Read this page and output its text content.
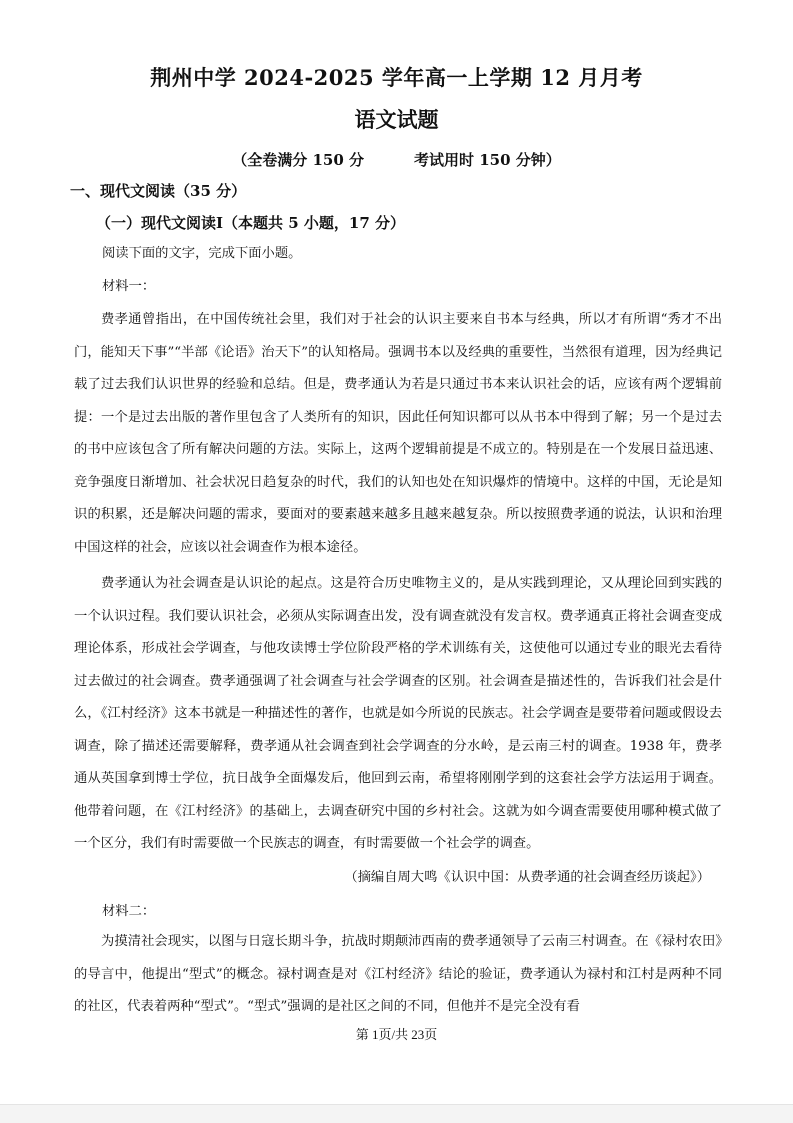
荆州中学 2024-2025 学年高一上学期 12 月月考
语文试题
（全卷满分 150 分	考试用时 150 分钟）
一、现代文阅读（35 分）
（一）现代文阅读Ⅰ（本题共 5 小题，17 分）
阅读下面的文字，完成下面小题。
材料一：

费孝通曾指出，在中国传统社会里，我们对于社会的认识主要来自书本与经典，所以才有所谓“秀才不出门，能知天下事”“半部《论语》治天下”的认知格局。强调书本以及经典的重要性，当然很有道理，因为经典记载了过去我们认识世界的经验和总结。但是，费孝通认为若是只通过书本来认识社会的话，应该有两个逻辑前提：一个是过去出版的著作里包含了人类所有的知识，因此任何知识都可以从书本中得到了解；另一个是过去的书中应该包含了所有解决问题的方法。实际上，这两个逻辑前提是不成立的。特别是在一个发展日益迅速、竞争强度日渐增加、社会状况日趋复杂的时代，我们的认知也处在知识爆炸的情境中。这样的中国，无论是知识的积累，还是解决问题的需求，要面对的要素越来越多且越来越复杂。所以按照费孝通的说法，认识和治理中国这样的社会，应该以社会调查作为根本途径。

费孝通认为社会调查是认识论的起点。这是符合历史唯物主义的，是从实践到理论，又从理论回到实践的一个认识过程。我们要认识社会，必须从实际调查出发，没有调查就没有发言权。费孝通真正将社会调查变成理论体系，形成社会学调查，与他攻读博士学位阶段严格的学术训练有关，这使他可以通过专业的眼光去看待过去做过的社会调查。费孝通强调了社会调查与社会学调查的区别。社会调查是描述性的，告诉我们社会是什么，《江村经济》这本书就是一种描述性的著作，也就是如今所说的民族志。社会学调查是要带着问题或假设去调查，除了描述还需要解释，费孝通从社会调查到社会学调查的分水岭，是云南三村的调查。1938 年，费孝通从英国拿到博士学位，抗日战争全面爆发后，他回到云南，希望将刚刚学到的这套社会学方法运用于调查。他带着问题，在《江村经济》的基础上，去调查研究中国的乡村社会。这就为如今调查需要使用哪种模式做了一个区分，我们有时需要做一个民族志的调查，有时需要做一个社会学的调查。

（摘编自周大鸣《认识中国：从费孝通的社会调查经历谈起》）
材料二：

为摸清社会现实，以图与日寇长期斗争，抗战时期颠沛西南的费孝通领导了云南三村调查。在《禄村农田》的导言中，他提出“型式”的概念。禄村调查是对《江村经济》结论的验证，费孝通认为禄村和江村是两种不同的社区，代表着两种“型式”。“型式”强调的是社区之间的不同，但他并不是完全没有看

第 1页/共 23页
